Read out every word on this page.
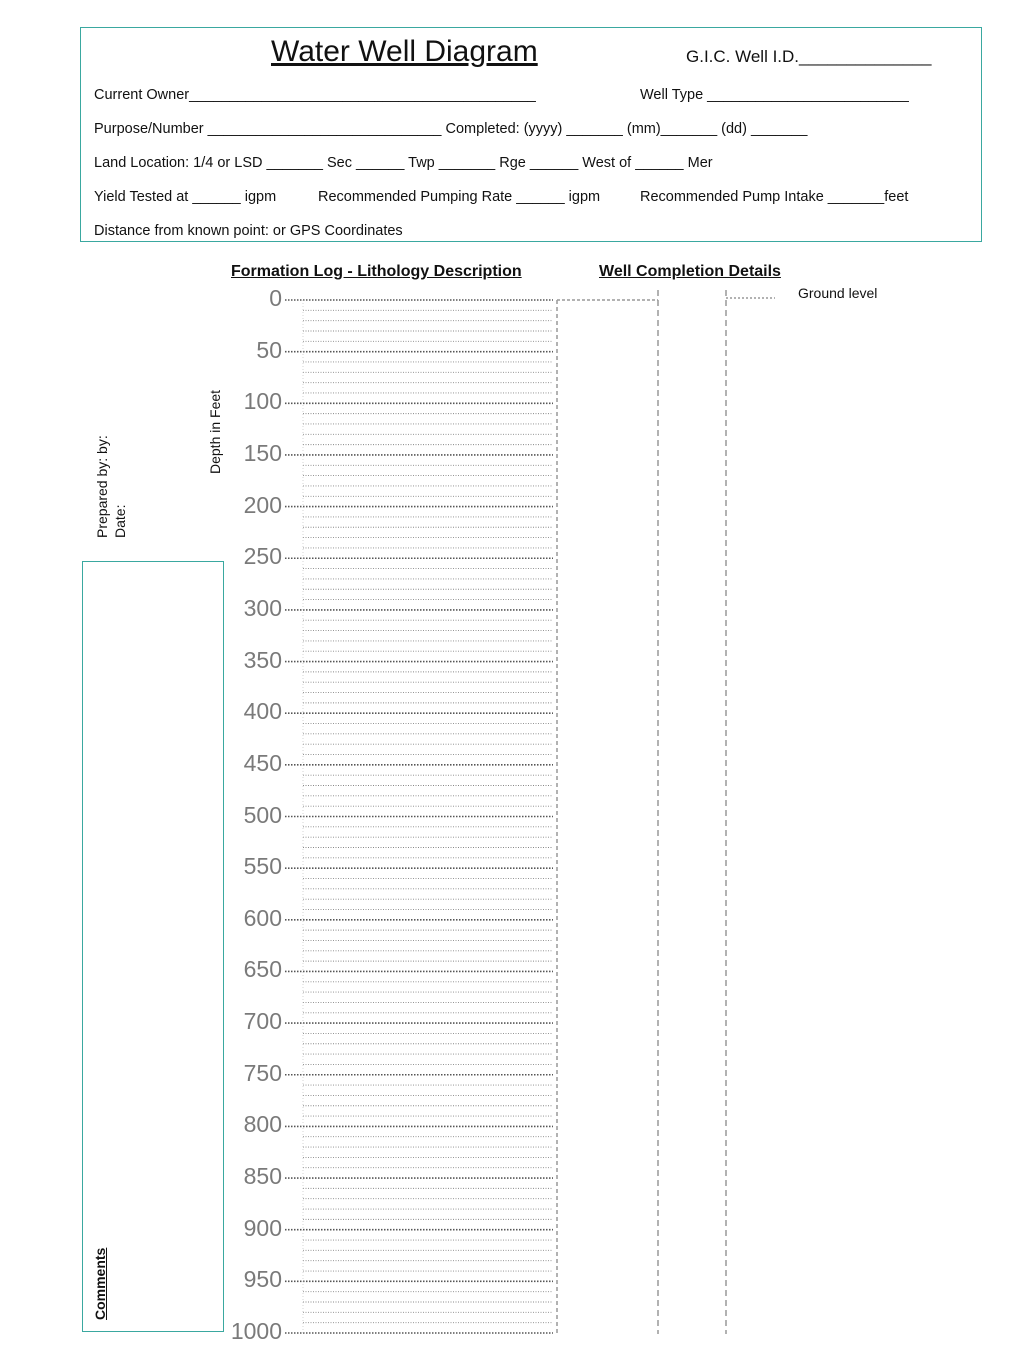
Water Well Diagram	G.I.C. Well I.D.______________
Current Owner___________________________________________	Well Type _________________________
Purpose/Number _____________________________ Completed: (yyyy) _______ (mm)_______ (dd) _______
Land Location: 1/4 or LSD _______ Sec ______ Twp _______ Rge ______ West of ______ Mer
Yield Tested at ______ igpm	Recommended Pumping Rate ______ igpm	Recommended Pump Intake _______feet
Distance from known point: or GPS Coordinates
Formation Log - Lithology Description	Well Completion Details
Ground level
0
50
100
150
200
250
300
350
400
450
500
550
600
650
700
750
800
850
900
950
1000
Depth in Feet
Prepared by: by: Date:
Comments
